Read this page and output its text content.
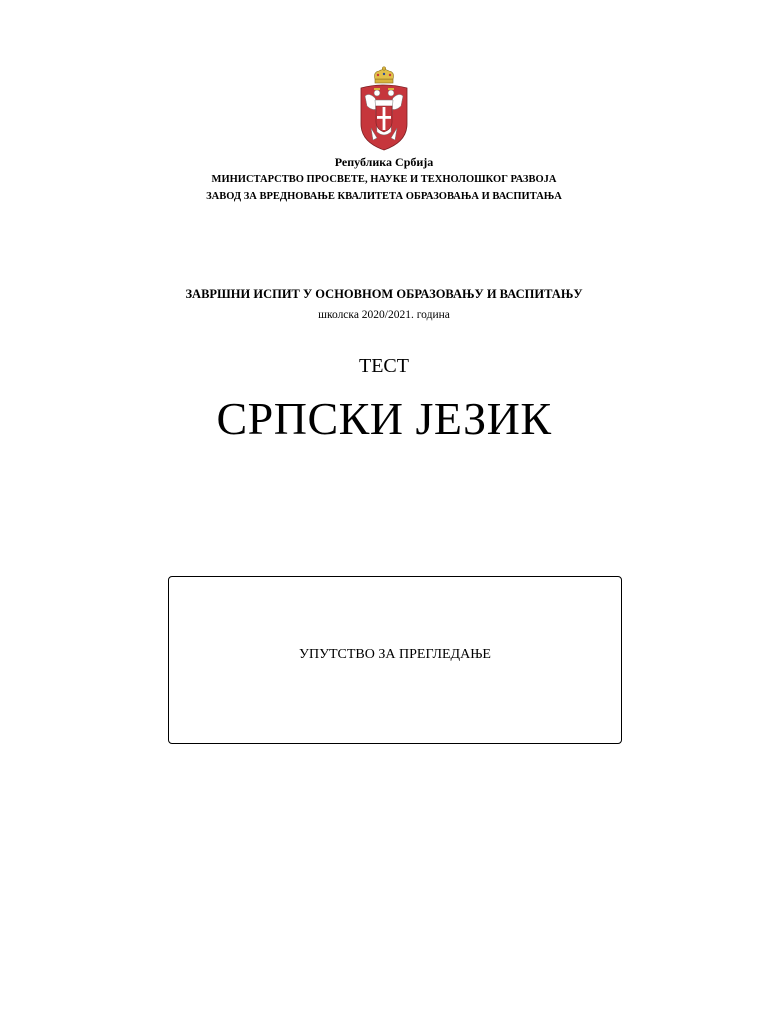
Република Србија
МИНИСТАРСТВО ПРОСВЕТЕ, НАУКЕ И ТЕХНОЛОШКОГ РАЗВОЈА
ЗАВОД ЗА ВРЕДНОВАЊЕ КВАЛИТЕТА ОБРАЗОВАЊА И ВАСПИТАЊА
ЗАВРШНИ ИСПИТ У ОСНОВНОМ ОБРАЗОВАЊУ И ВАСПИТАЊУ
школска 2020/2021. година
ТЕСТ
СРПСКИ ЈЕЗИК
УПУТСТВО ЗА ПРЕГЛЕДАЊЕ
